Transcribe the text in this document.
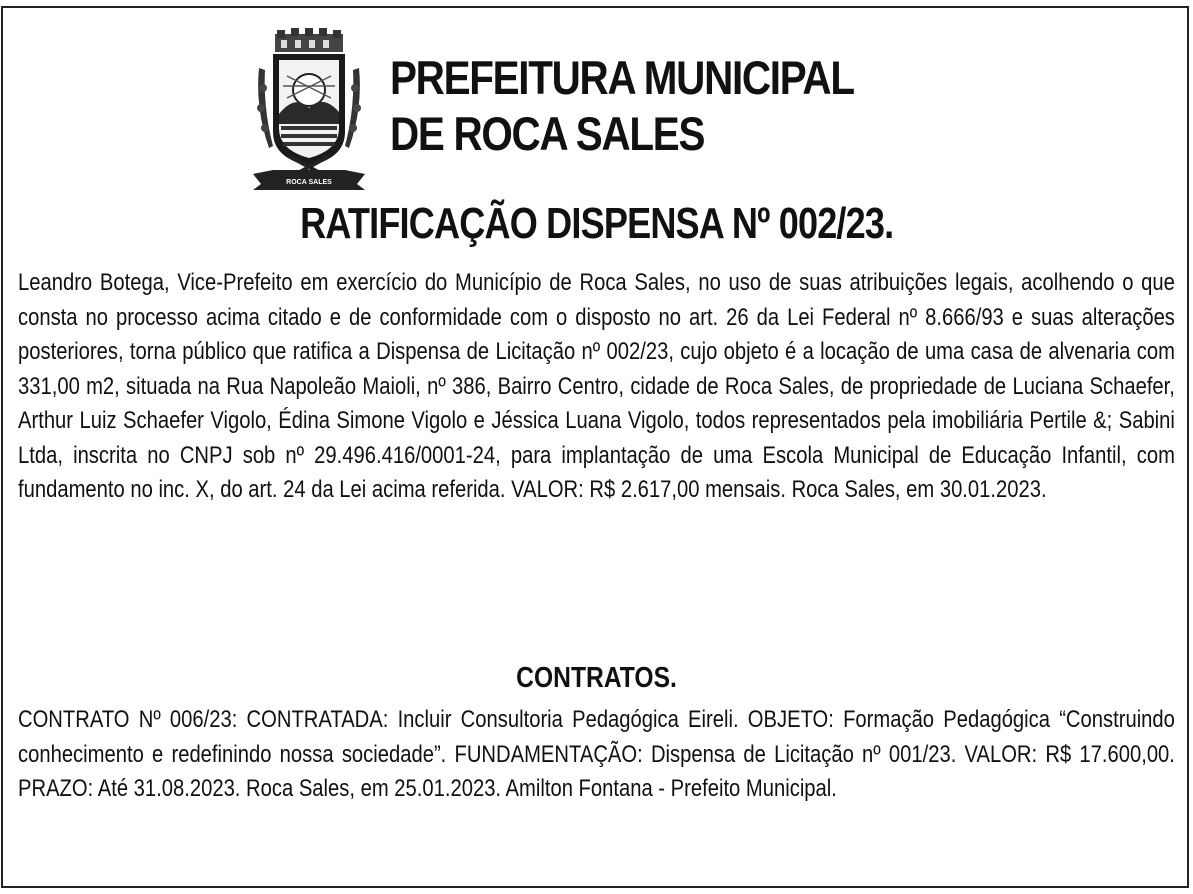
ROCA SALES
PREFEITURA MUNICIPAL
DE ROCA SALES
RATIFICAÇÃO DISPENSA Nº 002/23.
Leandro Botega, Vice-Prefeito em exercício do Município de Roca Sales, no uso de suas atribuições legais, acolhendo o que consta no processo acima citado e de conformidade com o disposto no art. 26 da Lei Federal nº 8.666/93 e suas alterações posteriores, torna público que ratifica a Dispensa de Licitação nº 002/23, cujo objeto é a locação de uma casa de alvenaria com 331,00 m2, situada na Rua Napoleão Maioli, nº 386, Bairro Centro, cidade de Roca Sales, de propriedade de Luciana Schaefer, Arthur Luiz Schaefer Vigolo, Édina Simone Vigolo e Jéssica Luana Vigolo, todos representados pela imobiliária Pertile &; Sabini Ltda, inscrita no CNPJ sob nº 29.496.416/0001-24, para implantação de uma Escola Municipal de Educação Infantil, com fundamento no inc. X, do art. 24 da Lei acima referida. VALOR: R$ 2.617,00 mensais. Roca Sales, em 30.01.2023.
CONTRATOS.
CONTRATO Nº 006/23: CONTRATADA: Incluir Consultoria Pedagógica Eireli. OBJETO: Formação Pedagógica “Construindo conhecimento e redefinindo nossa sociedade”. FUNDAMENTAÇÃO: Dispensa de Licitação nº 001/23. VALOR: R$ 17.600,00. PRAZO: Até 31.08.2023. Roca Sales, em 25.01.2023. Amilton Fontana - Prefeito Municipal.
